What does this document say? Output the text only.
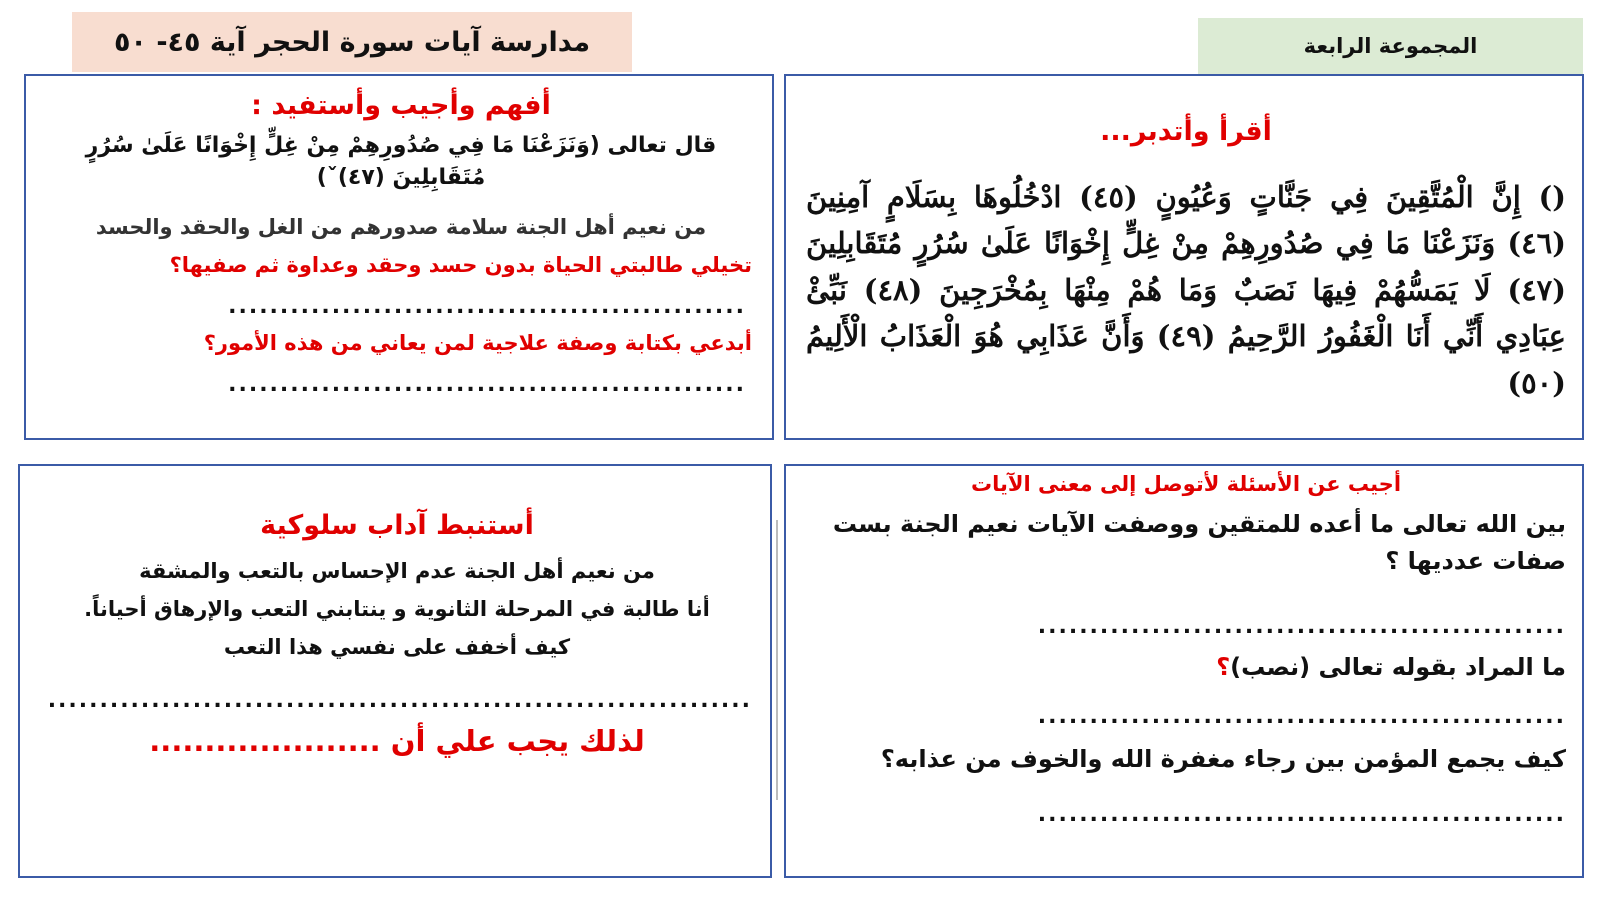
مدارسة آيات سورة الحجر آية ٤٥- ٥٠	المجموعة الرابعة
أفهم وأجيب وأستفيد :
قال تعالى (وَنَزَعْنَا مَا فِي صُدُورِهِمْ مِنْ غِلٍّ إِخْوَانًا عَلَىٰ سُرُرٍ مُتَقَابِلِينَ (٤٧)ˇ)
من نعيم أهل الجنة سلامة صدورهم من الغل والحقد والحسد
تخيلي طالبتي الحياة بدون حسد وحقد وعداوة ثم صفيها؟
..................................................
أبدعي بكتابة وصفة علاجية لمن يعاني من هذه الأمور؟
..................................................
أقرأ وأتدبر...
() إِنَّ الْمُتَّقِينَ فِي جَنَّاتٍ وَعُيُونٍ (٤٥) ادْخُلُوهَا بِسَلَامٍ آمِنِينَ (٤٦) وَنَزَعْنَا مَا فِي صُدُورِهِمْ مِنْ غِلٍّ إِخْوَانًا عَلَىٰ سُرُرٍ مُتَقَابِلِينَ (٤٧) لَا يَمَسُّهُمْ فِيهَا نَصَبٌ وَمَا هُمْ مِنْهَا بِمُخْرَجِينَ (٤٨) نَبِّئْ عِبَادِي أَنِّي أَنَا الْغَفُورُ الرَّحِيمُ (٤٩) وَأَنَّ عَذَابِي هُوَ الْعَذَابُ الْأَلِيمُ (٥٠)
أستنبط آداب سلوكية
من نعيم أهل الجنة عدم الإحساس بالتعب والمشقة
أنا طالبة في المرحلة الثانوية و ينتابني التعب والإرهاق أحياناً.
كيف أخفف على نفسي هذا التعب
....................................................................
لذلك يجب علي أن .....................
أجيب عن الأسئلة لأتوصل إلى معنى الآيات
بين الله تعالى ما أعده للمتقين ووصفت الآيات نعيم الجنة بست صفات عدديها ؟
...................................................
ما المراد بقوله تعالى (نصب)؟
...................................................
كيف يجمع المؤمن بين رجاء مغفرة الله والخوف من عذابه؟
...................................................
